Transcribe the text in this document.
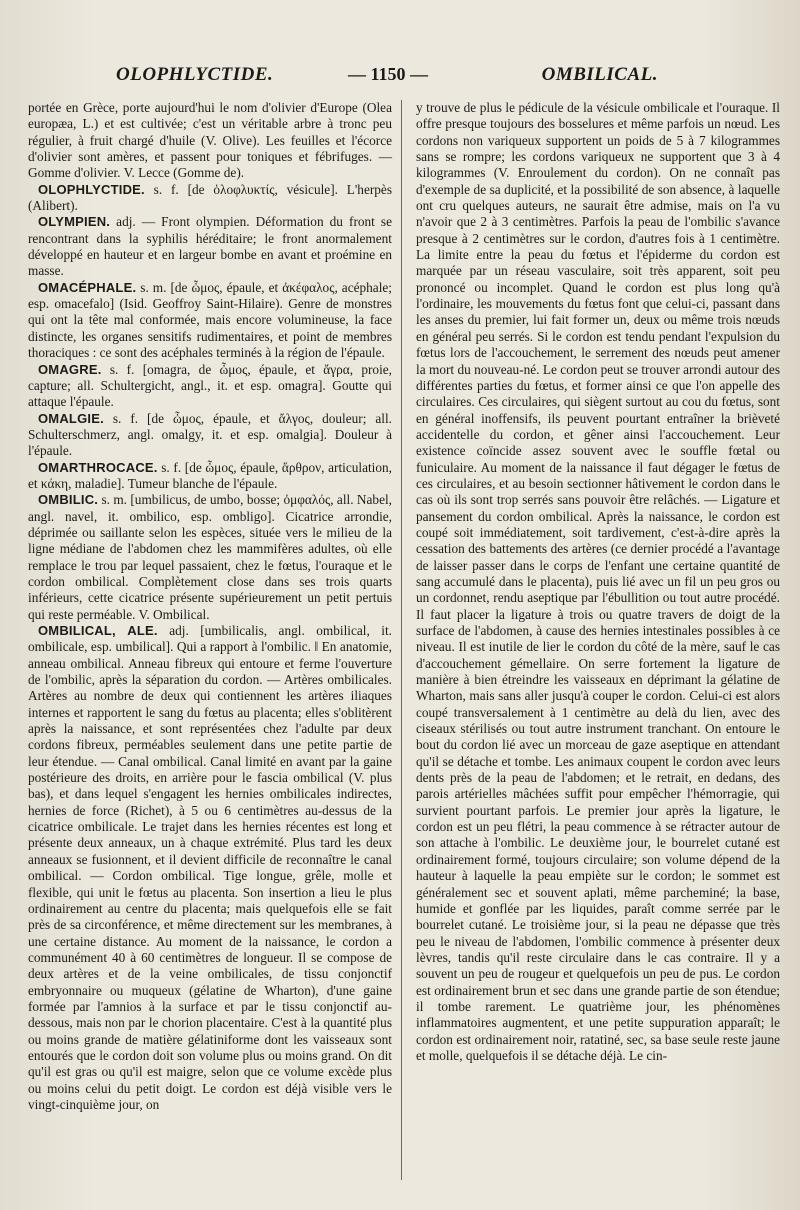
OLOPHLYCTIDE.	— 1150 —	OMBILICAL.

portée en Grèce, porte aujourd'hui le nom d'olivier d'Europe (Olea europæa, L.) et est cultivée; c'est un véritable arbre à tronc peu régulier, à fruit chargé d'huile (V. Olive). Les feuilles et l'écorce d'olivier sont amères, et passent pour toniques et fébrifuges. — Gomme d'olivier. V. Lecce (Gomme de).

OLOPHLYCTIDE. s. f. [de ὁλοφλυκτίς, vésicule]. L'herpès (Alibert).

OLYMPIEN. adj. — Front olympien. Déformation du front se rencontrant dans la syphilis héréditaire; le front anormalement développé en hauteur et en largeur bombe en avant et proémine en masse.

OMACÉPHALE. s. m. [de ὦμος, épaule, et ἀκέφαλος, acéphale; esp. omacefalo] (Isid. Geoffroy Saint-Hilaire). Genre de monstres qui ont la tête mal conformée, mais encore volumineuse, la face distincte, les organes sensitifs rudimentaires, et point de membres thoraciques : ce sont des acéphales terminés à la région de l'épaule.

OMAGRE. s. f. [omagra, de ὦμος, épaule, et ἄγρα, proie, capture; all. Schultergicht, angl., it. et esp. omagra]. Goutte qui attaque l'épaule.

OMALGIE. s. f. [de ὦμος, épaule, et ἄλγος, douleur; all. Schulterschmerz, angl. omalgy, it. et esp. omalgia]. Douleur à l'épaule.

OMARTHROCACE. s. f. [de ὦμος, épaule, ἄρθρον, articulation, et κάκη, maladie]. Tumeur blanche de l'épaule.

OMBILIC. s. m. [umbilicus, de umbo, bosse; ὀμφαλός, all. Nabel, angl. navel, it. ombilico, esp. ombligo]. Cicatrice arrondie, déprimée ou saillante selon les espèces, située vers le milieu de la ligne médiane de l'abdomen chez les mammifères adultes, où elle remplace le trou par lequel passaient, chez le fœtus, l'ouraque et le cordon ombilical. Complètement close dans ses trois quarts inférieurs, cette cicatrice présente supérieurement un petit pertuis qui reste perméable. V. Ombilical.

OMBILICAL, ALE. adj. [umbilicalis, angl. ombilical, it. ombilicale, esp. umbilical]. Qui a rapport à l'ombilic. ‖ En anatomie, anneau ombilical. Anneau fibreux qui entoure et ferme l'ouverture de l'ombilic, après la séparation du cordon. — Artères ombilicales. Artères au nombre de deux qui contiennent les artères iliaques internes et rapportent le sang du fœtus au placenta; elles s'oblitèrent après la naissance, et sont représentées chez l'adulte par deux cordons fibreux, perméables seulement dans une petite partie de leur étendue. — Canal ombilical. Canal limité en avant par la gaine postérieure des droits, en arrière pour le fascia ombilical (V. plus bas), et dans lequel s'engagent les hernies ombilicales indirectes, hernies de force (Richet), à 5 ou 6 centimètres au-dessus de la cicatrice ombilicale. Le trajet dans les hernies récentes est long et présente deux anneaux, un à chaque extrémité. Plus tard les deux anneaux se fusionnent, et il devient difficile de reconnaître le canal ombilical. — Cordon ombilical. Tige longue, grêle, molle et flexible, qui unit le fœtus au placenta. Son insertion a lieu le plus ordinairement au centre du placenta; mais quelquefois elle se fait près de sa circonférence, et même directement sur les membranes, à une certaine distance. Au moment de la naissance, le cordon a communément 40 à 60 centimètres de longueur. Il se compose de deux artères et de la veine ombilicales, de tissu conjonctif embryonnaire ou muqueux (gélatine de Wharton), d'une gaine formée par l'amnios à la surface et par le tissu conjonctif au-dessous, mais non par le chorion placentaire. C'est à la quantité plus ou moins grande de matière gélatiniforme dont les vaisseaux sont entourés que le cordon doit son volume plus ou moins grand. On dit qu'il est gras ou qu'il est maigre, selon que ce volume excède plus ou moins celui du petit doigt. Le cordon est déjà visible vers le vingt-cinquième jour, on

y trouve de plus le pédicule de la vésicule ombilicale et l'ouraque. Il offre presque toujours des bosselures et même parfois un nœud. Les cordons non variqueux supportent un poids de 5 à 7 kilogrammes sans se rompre; les cordons variqueux ne supportent que 3 à 4 kilogrammes (V. Enroulement du cordon). On ne connaît pas d'exemple de sa duplicité, et la possibilité de son absence, à laquelle ont cru quelques auteurs, ne saurait être admise, mais on l'a vu n'avoir que 2 à 3 centimètres. Parfois la peau de l'ombilic s'avance presque à 2 centimètres sur le cordon, d'autres fois à 1 centimètre. La limite entre la peau du fœtus et l'épiderme du cordon est marquée par un réseau vasculaire, soit très apparent, soit peu prononcé ou incomplet. Quand le cordon est plus long qu'à l'ordinaire, les mouvements du fœtus font que celui-ci, passant dans les anses du premier, lui fait former un, deux ou même trois nœuds en général peu serrés. Si le cordon est tendu pendant l'expulsion du fœtus lors de l'accouchement, le serrement des nœuds peut amener la mort du nouveau-né. Le cordon peut se trouver arrondi autour des différentes parties du fœtus, et former ainsi ce que l'on appelle des circulaires. Ces circulaires, qui siègent surtout au cou du fœtus, sont en général inoffensifs, ils peuvent pourtant entraîner la brièveté accidentelle du cordon, et gêner ainsi l'accouchement. Leur existence coïncide assez souvent avec le souffle fœtal ou funiculaire. Au moment de la naissance il faut dégager le fœtus de ces circulaires, et au besoin sectionner hâtivement le cordon dans le cas où ils sont trop serrés sans pouvoir être relâchés. — Ligature et pansement du cordon ombilical. Après la naissance, le cordon est coupé soit immédiatement, soit tardivement, c'est-à-dire après la cessation des battements des artères (ce dernier procédé a l'avantage de laisser passer dans le corps de l'enfant une certaine quantité de sang accumulé dans le placenta), puis lié avec un fil un peu gros ou un cordonnet, rendu aseptique par l'ébullition ou tout autre procédé. Il faut placer la ligature à trois ou quatre travers de doigt de la surface de l'abdomen, à cause des hernies intestinales possibles à ce niveau. Il est inutile de lier le cordon du côté de la mère, sauf le cas d'accouchement gémellaire. On serre fortement la ligature de manière à bien étreindre les vaisseaux en déprimant la gélatine de Wharton, mais sans aller jusqu'à couper le cordon. Celui-ci est alors coupé transversalement à 1 centimètre au delà du lien, avec des ciseaux stérilisés ou tout autre instrument tranchant. On entoure le bout du cordon lié avec un morceau de gaze aseptique en attendant qu'il se détache et tombe. Les animaux coupent le cordon avec leurs dents près de la peau de l'abdomen; et le retrait, en dedans, des parois artérielles mâchées suffit pour empêcher l'hémorragie, qui survient pourtant parfois. Le premier jour après la ligature, le cordon est un peu flétri, la peau commence à se rétracter autour de son attache à l'ombilic. Le deuxième jour, le bourrelet cutané est ordinairement formé, toujours circulaire; son volume dépend de la hauteur à laquelle la peau empiète sur le cordon; le sommet est généralement sec et souvent aplati, même parcheminé; la base, humide et gonflée par les liquides, paraît comme serrée par le bourrelet cutané. Le troisième jour, si la peau ne dépasse que très peu le niveau de l'abdomen, l'ombilic commence à présenter deux lèvres, tandis qu'il reste circulaire dans le cas contraire. Il y a souvent un peu de rougeur et quelquefois un peu de pus. Le cordon est ordinairement brun et sec dans une grande partie de son étendue; il tombe rarement. Le quatrième jour, les phénomènes inflammatoires augmentent, et une petite suppuration apparaît; le cordon est ordinairement noir, ratatiné, sec, sa base seule reste jaune et molle, quelquefois il se détache déjà. Le cin-
